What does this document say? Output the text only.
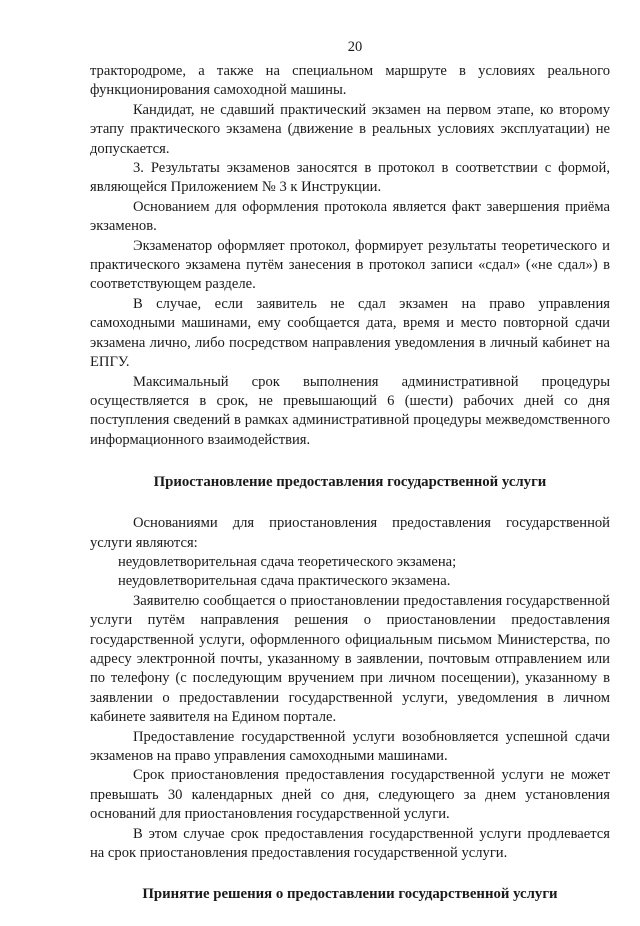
20

трактородроме, а также на специальном маршруте в условиях реального функционирования самоходной машины.

Кандидат, не сдавший практический экзамен на первом этапе, ко второму этапу практического экзамена (движение в реальных условиях эксплуатации) не допускается.

3. Результаты экзаменов заносятся в протокол в соответствии с формой, являющейся Приложением № 3 к Инструкции.

Основанием для оформления протокола является факт завершения приёма экзаменов.

Экзаменатор оформляет протокол, формирует результаты теоретического и практического экзамена путём занесения в протокол записи «сдал» («не сдал») в соответствующем разделе.

В случае, если заявитель не сдал экзамен на право управления самоходными машинами, ему сообщается дата, время и место повторной сдачи экзамена лично, либо посредством направления уведомления в личный кабинет на ЕПГУ.

Максимальный срок выполнения административной процедуры осуществляется в срок, не превышающий 6 (шести) рабочих дней со дня поступления сведений в рамках административной процедуры межведомственного информационного взаимодействия.

Приостановление предоставления государственной услуги

Основаниями для приостановления предоставления государственной услуги являются:

неудовлетворительная сдача теоретического экзамена;

неудовлетворительная сдача практического экзамена.

Заявителю сообщается о приостановлении предоставления государственной услуги путём направления решения о приостановлении предоставления государственной услуги, оформленного официальным письмом Министерства, по адресу электронной почты, указанному в заявлении, почтовым отправлением или по телефону (с последующим вручением при личном посещении), указанному в заявлении о предоставлении государственной услуги, уведомления в личном кабинете заявителя на Едином портале.

Предоставление государственной услуги возобновляется успешной сдачи экзаменов на право управления самоходными машинами.

Срок приостановления предоставления государственной услуги не может превышать 30 календарных дней со дня, следующего за днем установления оснований для приостановления государственной услуги.

В этом случае срок предоставления государственной услуги продлевается на срок приостановления предоставления государственной услуги.

Принятие решения о предоставлении государственной услуги
